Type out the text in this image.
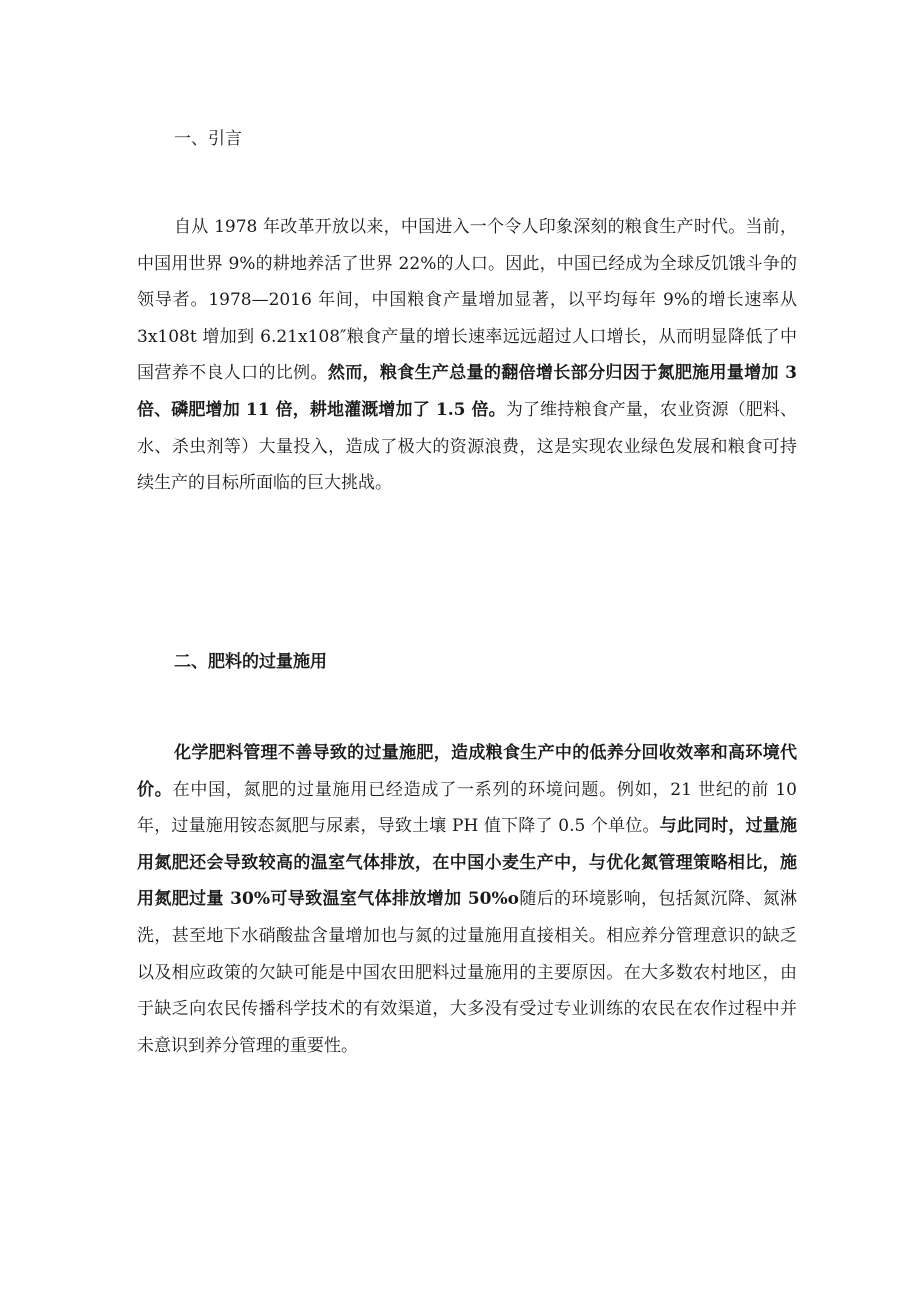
一、引言

自从 1978 年改革开放以来，中国进入一个令人印象深刻的粮食生产时代。当前，中国用世界 9%的耕地养活了世界 22%的人口。因此，中国已经成为全球反饥饿斗争的领导者。1978—2016 年间，中国粮食产量增加显著，以平均每年 9%的增长速率从 3x108t 增加到 6.21x108″粮食产量的增长速率远远超过人口增长，从而明显降低了中国营养不良人口的比例。然而，粮食生产总量的翻倍增长部分归因于氮肥施用量增加 3 倍、磷肥增加 11 倍，耕地灌溉增加了 1.5 倍。为了维持粮食产量，农业资源（肥料、水、杀虫剂等）大量投入，造成了极大的资源浪费，这是实现农业绿色发展和粮食可持续生产的目标所面临的巨大挑战。

二、肥料的过量施用

化学肥料管理不善导致的过量施肥，造成粮食生产中的低养分回收效率和高环境代价。在中国，氮肥的过量施用已经造成了一系列的环境问题。例如，21 世纪的前 10 年，过量施用铵态氮肥与尿素，导致土壤 PH 值下降了 0.5 个单位。与此同时，过量施用氮肥还会导致较高的温室气体排放，在中国小麦生产中，与优化氮管理策略相比，施用氮肥过量 30%可导致温室气体排放增加 50%o随后的环境影响，包括氮沉降、氮淋洗，甚至地下水硝酸盐含量增加也与氮的过量施用直接相关。相应养分管理意识的缺乏以及相应政策的欠缺可能是中国农田肥料过量施用的主要原因。在大多数农村地区，由于缺乏向农民传播科学技术的有效渠道，大多没有受过专业训练的农民在农作过程中并未意识到养分管理的重要性。
